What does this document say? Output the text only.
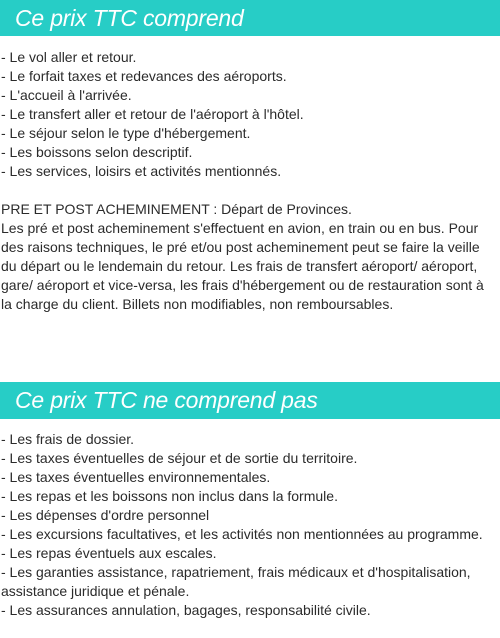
Ce prix TTC comprend
- Le vol aller et retour.
- Le forfait taxes et redevances des aéroports.
- L'accueil à l'arrivée.
- Le transfert aller et retour de l'aéroport à l'hôtel.
- Le séjour selon le type d'hébergement.
- Les boissons selon descriptif.
- Les services, loisirs et activités mentionnés.

PRE ET POST ACHEMINEMENT : Départ de Provinces.

Les pré et post acheminement s'effectuent en avion, en train ou en bus. Pour des raisons techniques, le pré et/ou post acheminement peut se faire la veille du départ ou le lendemain du retour. Les frais de transfert aéroport/ aéroport, gare/ aéroport et vice-versa, les frais d'hébergement ou de restauration sont à la charge du client. Billets non modifiables, non remboursables.

Ce prix TTC ne comprend pas
- Les frais de dossier.
- Les taxes éventuelles de séjour et de sortie du territoire.
- Les taxes éventuelles environnementales.
- Les repas et les boissons non inclus dans la formule.
- Les dépenses d'ordre personnel
- Les excursions facultatives, et les activités non mentionnées au programme.
- Les repas éventuels aux escales.
- Les garanties assistance, rapatriement, frais médicaux et d'hospitalisation, assistance juridique et pénale.
- Les assurances annulation, bagages, responsabilité civile.
